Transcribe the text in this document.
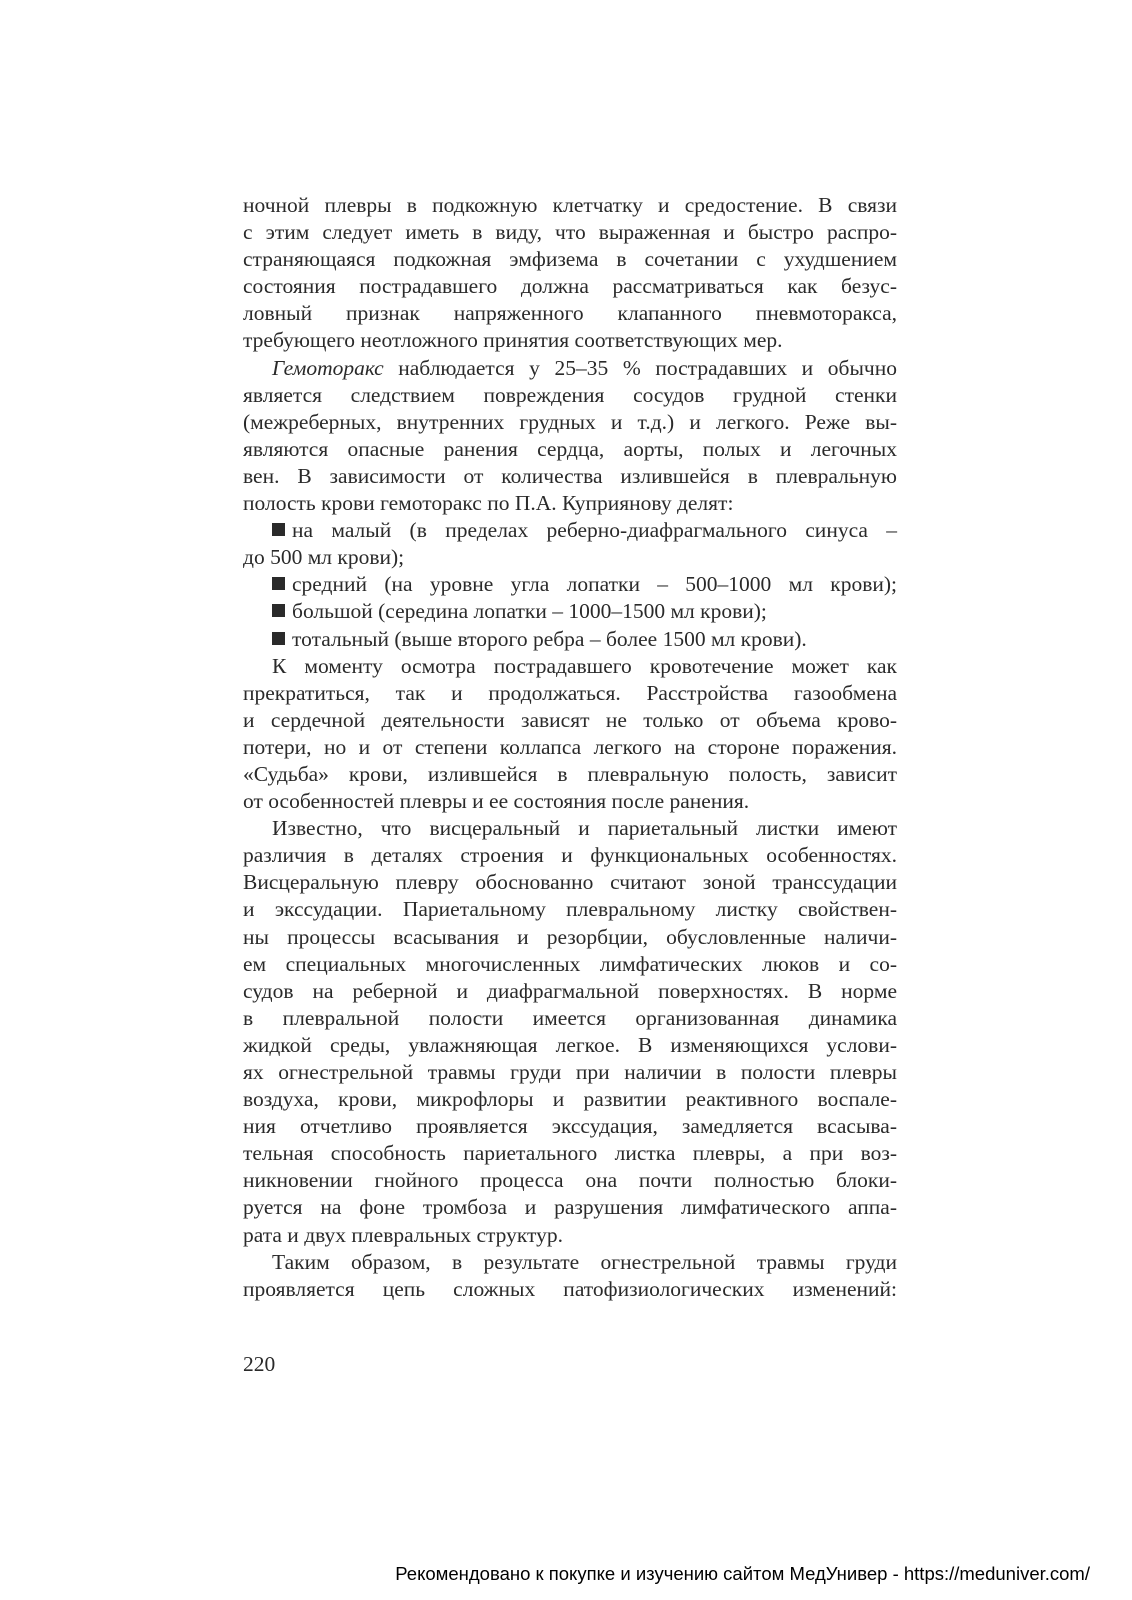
ночной плевры в подкожную клетчатку и средостение. В связи
с этим следует иметь в виду, что выраженная и быстро распро-
страняющаяся подкожная эмфизема в сочетании с ухудшением
состояния пострадавшего должна рассматриваться как безус-
ловный признак напряженного клапанного пневмоторакса,
требующего неотложного принятия соответствующих мер.
Гемоторакс наблюдается у 25–35 % пострадавших и обычно
является следствием повреждения сосудов грудной стенки
(межреберных, внутренних грудных и т.д.) и легкого. Реже вы-
являются опасные ранения сердца, аорты, полых и легочных
вен. В зависимости от количества излившейся в плевральную
полость крови гемоторакс по П.А. Куприянову делят:
на малый (в пределах реберно-диафрагмального синуса –
до 500 мл крови);
средний (на уровне угла лопатки – 500–1000 мл крови);
большой (середина лопатки – 1000–1500 мл крови);
тотальный (выше второго ребра – более 1500 мл крови).
К моменту осмотра пострадавшего кровотечение может как
прекратиться, так и продолжаться. Расстройства газообмена
и сердечной деятельности зависят не только от объема крово-
потери, но и от степени коллапса легкого на стороне поражения.
«Судьба» крови, излившейся в плевральную полость, зависит
от особенностей плевры и ее состояния после ранения.
Известно, что висцеральный и париетальный листки имеют
различия в деталях строения и функциональных особенностях.
Висцеральную плевру обоснованно считают зоной транссудации
и экссудации. Париетальному плевральному листку свойствен-
ны процессы всасывания и резорбции, обусловленные наличи-
ем специальных многочисленных лимфатических люков и со-
судов на реберной и диафрагмальной поверхностях. В норме
в плевральной полости имеется организованная динамика
жидкой среды, увлажняющая легкое. В изменяющихся услови-
ях огнестрельной травмы груди при наличии в полости плевры
воздуха, крови, микрофлоры и развитии реактивного воспале-
ния отчетливо проявляется экссудация, замедляется всасыва-
тельная способность париетального листка плевры, а при воз-
никновении гнойного процесса она почти полностью блоки-
руется на фоне тромбоза и разрушения лимфатического аппа-
рата и двух плевральных структур.
Таким образом, в результате огнестрельной травмы груди
проявляется цепь сложных патофизиологических изменений:
220
Рекомендовано к покупке и изучению сайтом МедУнивер - https://meduniver.com/
